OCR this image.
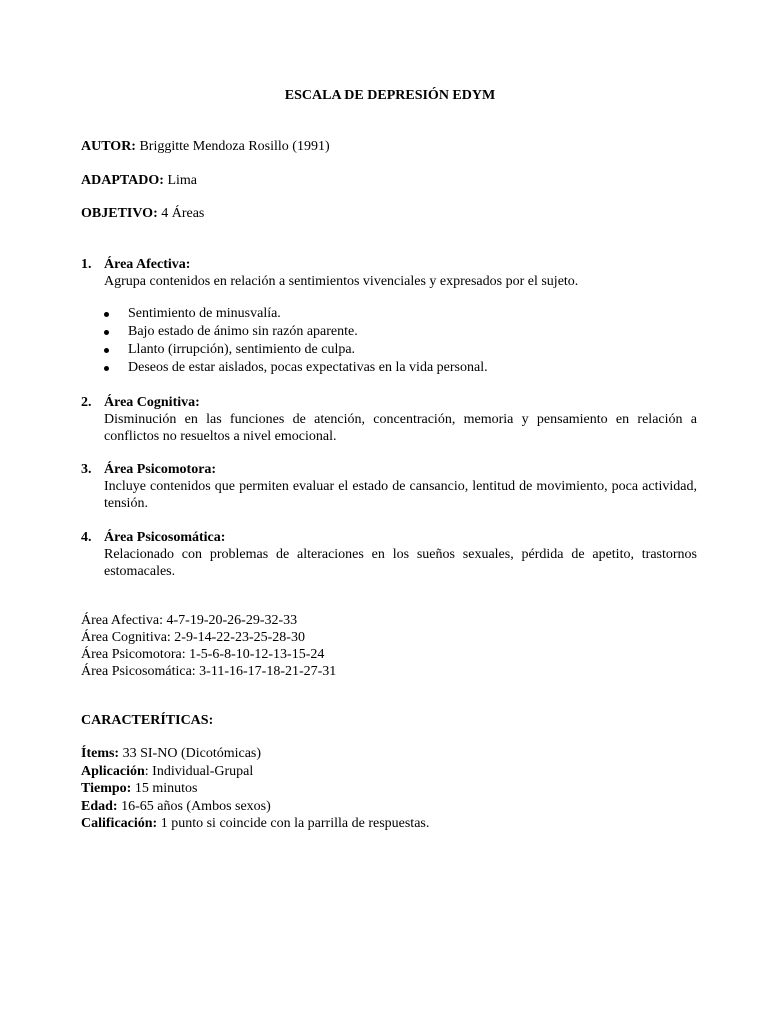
ESCALA DE DEPRESIÓN EDYM
AUTOR: Briggitte Mendoza Rosillo (1991)
ADAPTADO: Lima
OBJETIVO: 4 Áreas
1. Área Afectiva:
Agrupa contenidos en relación a sentimientos vivenciales y expresados por el sujeto.
Sentimiento de minusvalía.
Bajo estado de ánimo sin razón aparente.
Llanto (irrupción), sentimiento de culpa.
Deseos de estar aislados, pocas expectativas en la vida personal.
2. Área Cognitiva:
Disminución en las funciones de atención, concentración, memoria y pensamiento en relación a conflictos no resueltos a nivel emocional.
3. Área Psicomotora:
Incluye contenidos que permiten evaluar el estado de cansancio, lentitud de movimiento, poca actividad, tensión.
4. Área Psicosomática:
Relacionado con problemas de alteraciones en los sueños sexuales, pérdida de apetito, trastornos estomacales.
Área Afectiva: 4-7-19-20-26-29-32-33
Área Cognitiva: 2-9-14-22-23-25-28-30
Área Psicomotora: 1-5-6-8-10-12-13-15-24
Área Psicosomática: 3-11-16-17-18-21-27-31
CARACTERÍTICAS:
Ítems: 33 SI-NO (Dicotómicas)
Aplicación: Individual-Grupal
Tiempo: 15 minutos
Edad: 16-65 años (Ambos sexos)
Calificación: 1 punto si coincide con la parrilla de respuestas.
